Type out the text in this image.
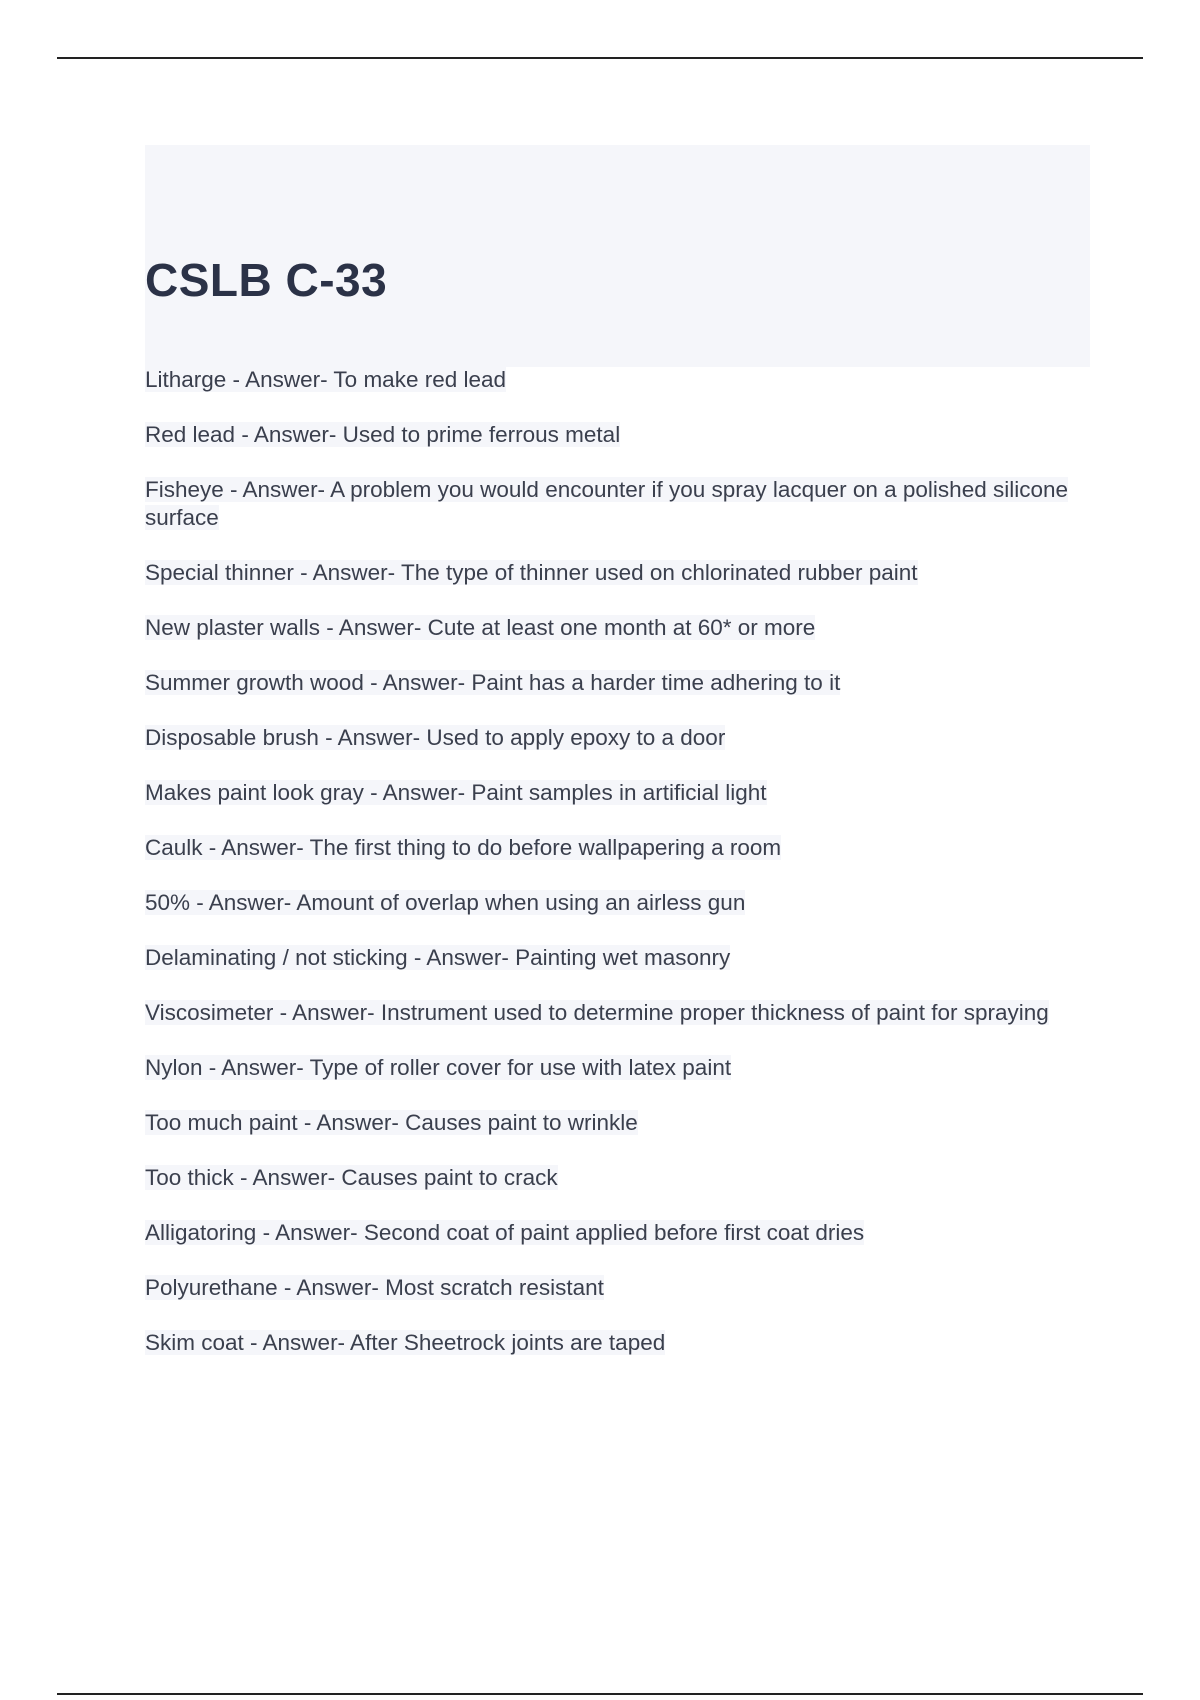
CSLB C-33
Litharge - Answer- To make red lead
Red lead - Answer- Used to prime ferrous metal
Fisheye - Answer- A problem you would encounter if you spray lacquer on a polished silicone surface
Special thinner - Answer- The type of thinner used on chlorinated rubber paint
New plaster walls - Answer- Cute at least one month at 60* or more
Summer growth wood - Answer- Paint has a harder time adhering to it
Disposable brush - Answer- Used to apply epoxy to a door
Makes paint look gray - Answer- Paint samples in artificial light
Caulk - Answer- The first thing to do before wallpapering a room
50% - Answer- Amount of overlap when using an airless gun
Delaminating / not sticking - Answer- Painting wet masonry
Viscosimeter - Answer- Instrument used to determine proper thickness of paint for spraying
Nylon - Answer- Type of roller cover for use with latex paint
Too much paint - Answer- Causes paint to wrinkle
Too thick - Answer- Causes paint to crack
Alligatoring - Answer- Second coat of paint applied before first coat dries
Polyurethane - Answer- Most scratch resistant
Skim coat - Answer- After Sheetrock joints are taped
